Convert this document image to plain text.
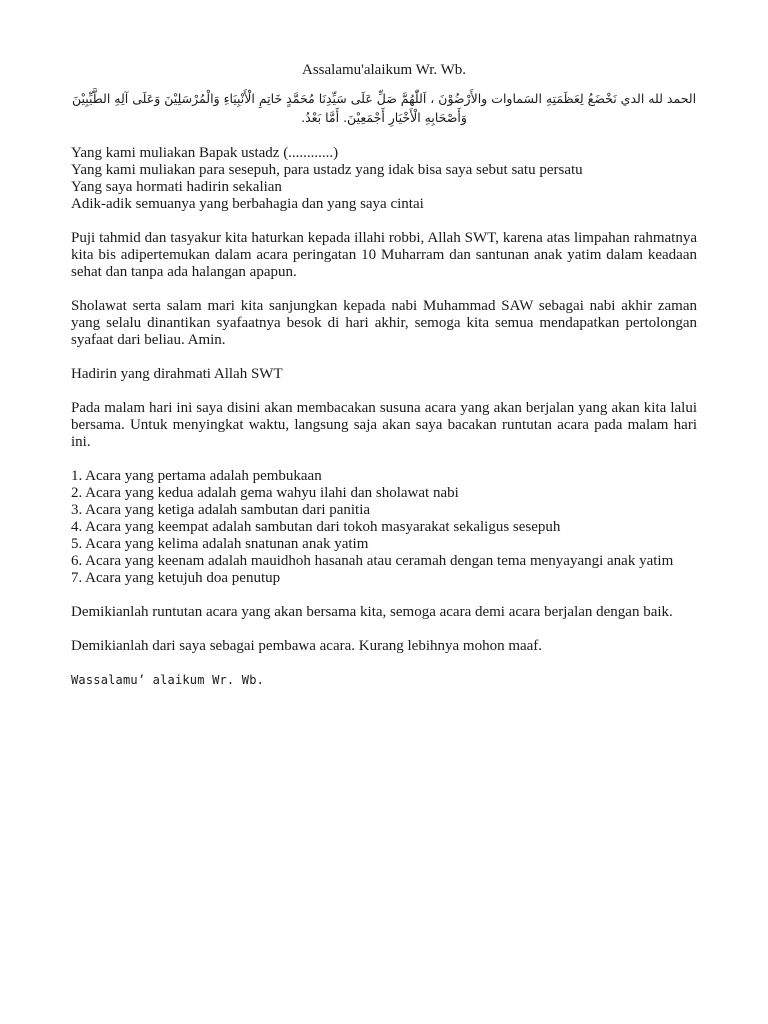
Assalamu'alaikum Wr. Wb.
الحمد لله الدي نَخْضَعُ لِعَظَمَتِهِ السَماوات والأَرْضُوْنَ ، اَللّٰهُمَّ صَلِّ عَلَى سَيِّدِنَا مُحَمَّدٍ خَاتِمِ الْأَنْبِيَاءِ وَالْمُرْسَلِيْنَ وَعَلَى آلِهِ الطَّيِّبِيْنَ وَأَصْحَابِهِ الْأَخْيَارِ أَجْمَعِيْنَ. أَمَّا بَعْدُ.
Yang kami muliakan Bapak ustadz (............)
Yang kami muliakan para sesepuh, para ustadz yang idak bisa saya sebut satu persatu
Yang saya hormati hadirin sekalian
Adik-adik semuanya yang berbahagia dan yang saya cintai

Puji tahmid dan tasyakur kita haturkan kepada illahi robbi, Allah SWT, karena atas limpahan rahmatnya kita bis adipertemukan dalam acara peringatan 10 Muharram dan santunan anak yatim dalam keadaan sehat dan tanpa ada halangan apapun.

Sholawat serta salam mari kita sanjungkan kepada nabi Muhammad SAW sebagai nabi akhir zaman yang selalu dinantikan syafaatnya besok di hari akhir, semoga kita semua mendapatkan pertolongan syafaat dari beliau. Amin.

Hadirin yang dirahmati Allah SWT

Pada malam hari ini saya disini akan membacakan susuna acara yang akan berjalan yang akan kita lalui bersama. Untuk menyingkat waktu, langsung saja akan saya bacakan runtutan acara pada malam hari ini.

1. Acara yang pertama adalah pembukaan
2. Acara yang kedua adalah gema wahyu ilahi dan sholawat nabi
3. Acara yang ketiga adalah sambutan dari panitia
4. Acara yang keempat adalah sambutan dari tokoh masyarakat sekaligus sesepuh
5. Acara yang kelima adalah snatunan anak yatim
6. Acara yang keenam adalah mauidhoh hasanah atau ceramah dengan tema menyayangi anak yatim
7. Acara yang ketujuh doa penutup

Demikianlah runtutan acara yang akan bersama kita, semoga acara demi acara berjalan dengan baik.

Demikianlah dari saya sebagai pembawa acara. Kurang lebihnya mohon maaf.

Wassalamu’ alaikum Wr. Wb.
